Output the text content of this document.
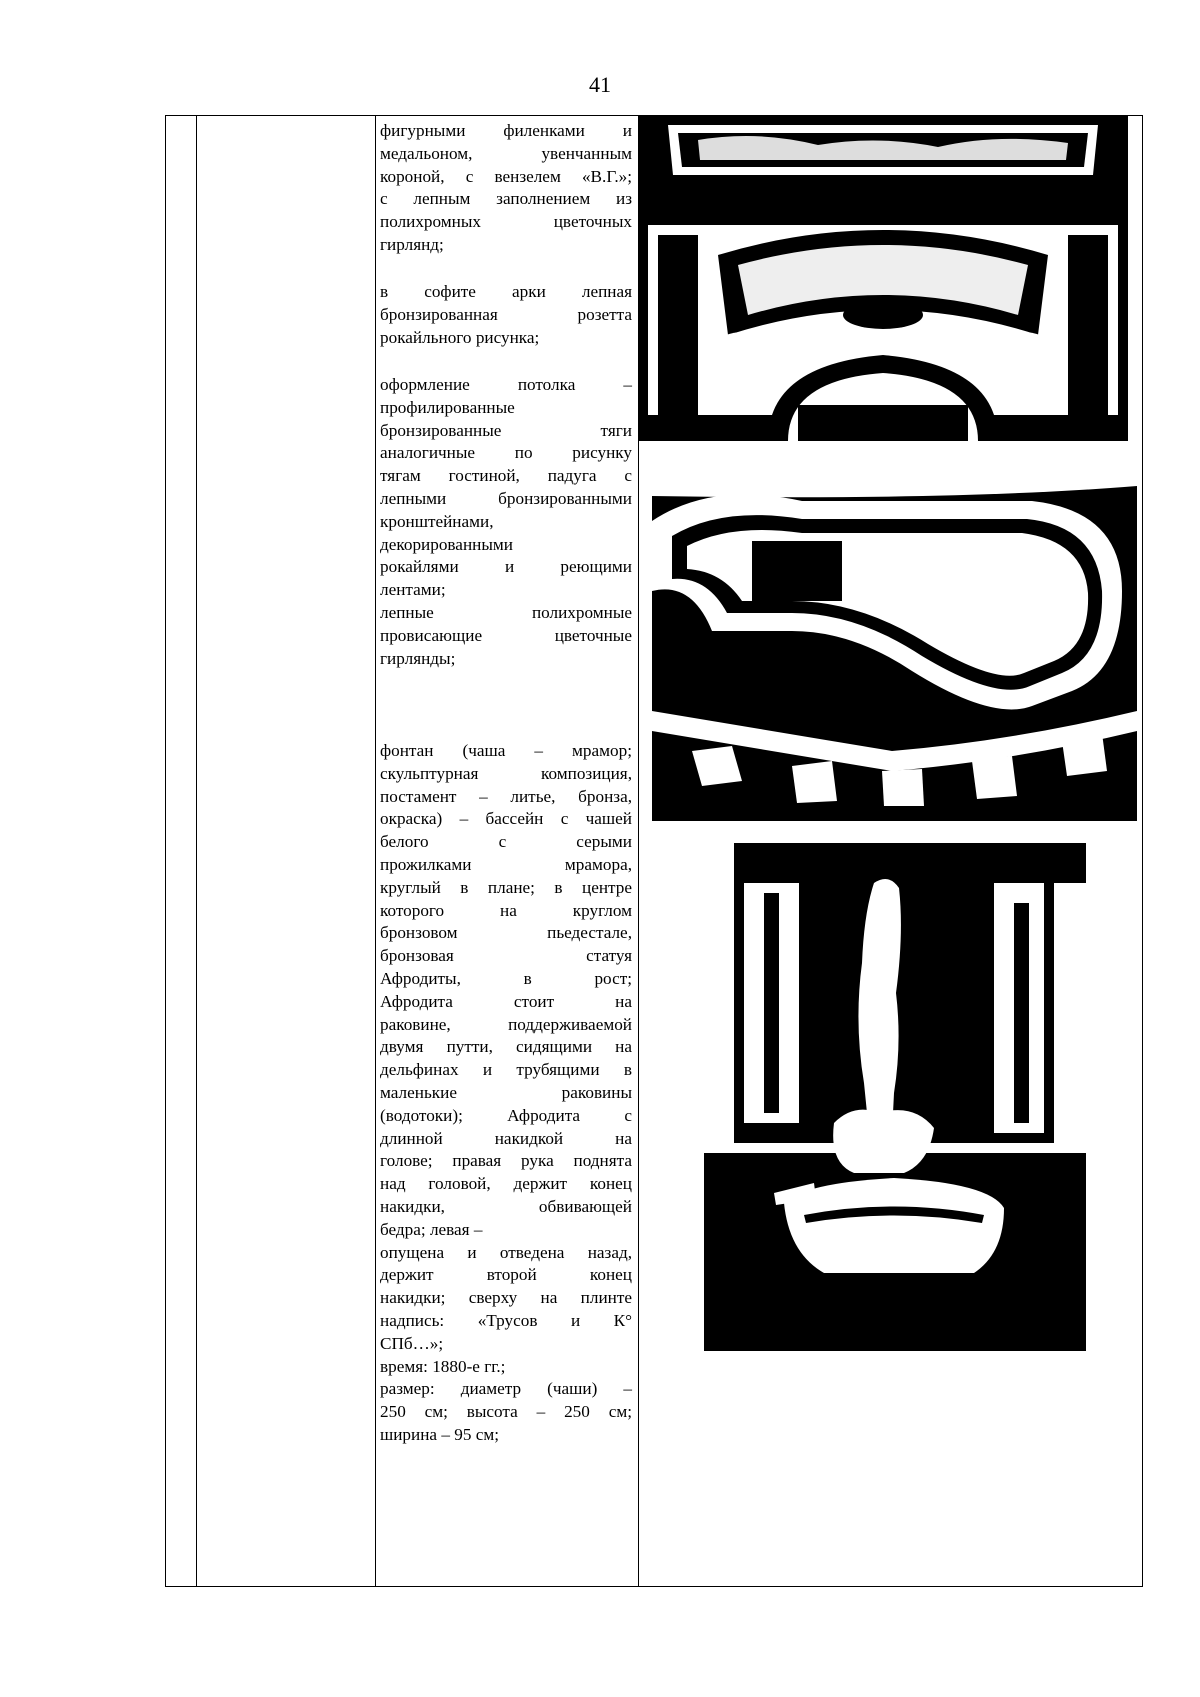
41
фигурными филенками и
медальоном, увенчанным
короной, с вензелем «В.Г.»;
с лепным заполнением из
полихромных цветочных
гирлянд;
в софите арки лепная
бронзированная розетта
рокайльного рисунка;
оформление потолка –
профилированные
бронзированные тяги
аналогичные по рисунку
тягам гостиной, падуга с
лепными бронзированными
кронштейнами,
декорированными
рокайлями и реющими
лентами;
лепные полихромные
провисающие цветочные
гирлянды;
фонтан (чаша – мрамор;
скульптурная композиция,
постамент – литье, бронза,
окраска) – бассейн с чашей
белого с серыми
прожилками мрамора,
круглый в плане; в центре
которого на круглом
бронзовом пьедестале,
бронзовая статуя
Афродиты, в рост;
Афродита стоит на
раковине, поддерживаемой
двумя путти, сидящими на
дельфинах и трубящими в
маленькие раковины
(водотоки); Афродита с
длинной накидкой на
голове; правая рука поднята
над головой, держит конец
накидки, обвивающей
бедра; левая –
опущена и отведена назад,
держит второй конец
накидки; сверху на плинте
надпись: «Трусов и К°
СПб…»;
время: 1880-е гг.;
размер: диаметр (чаши) –
250 см; высота – 250 см;
ширина – 95 см;
